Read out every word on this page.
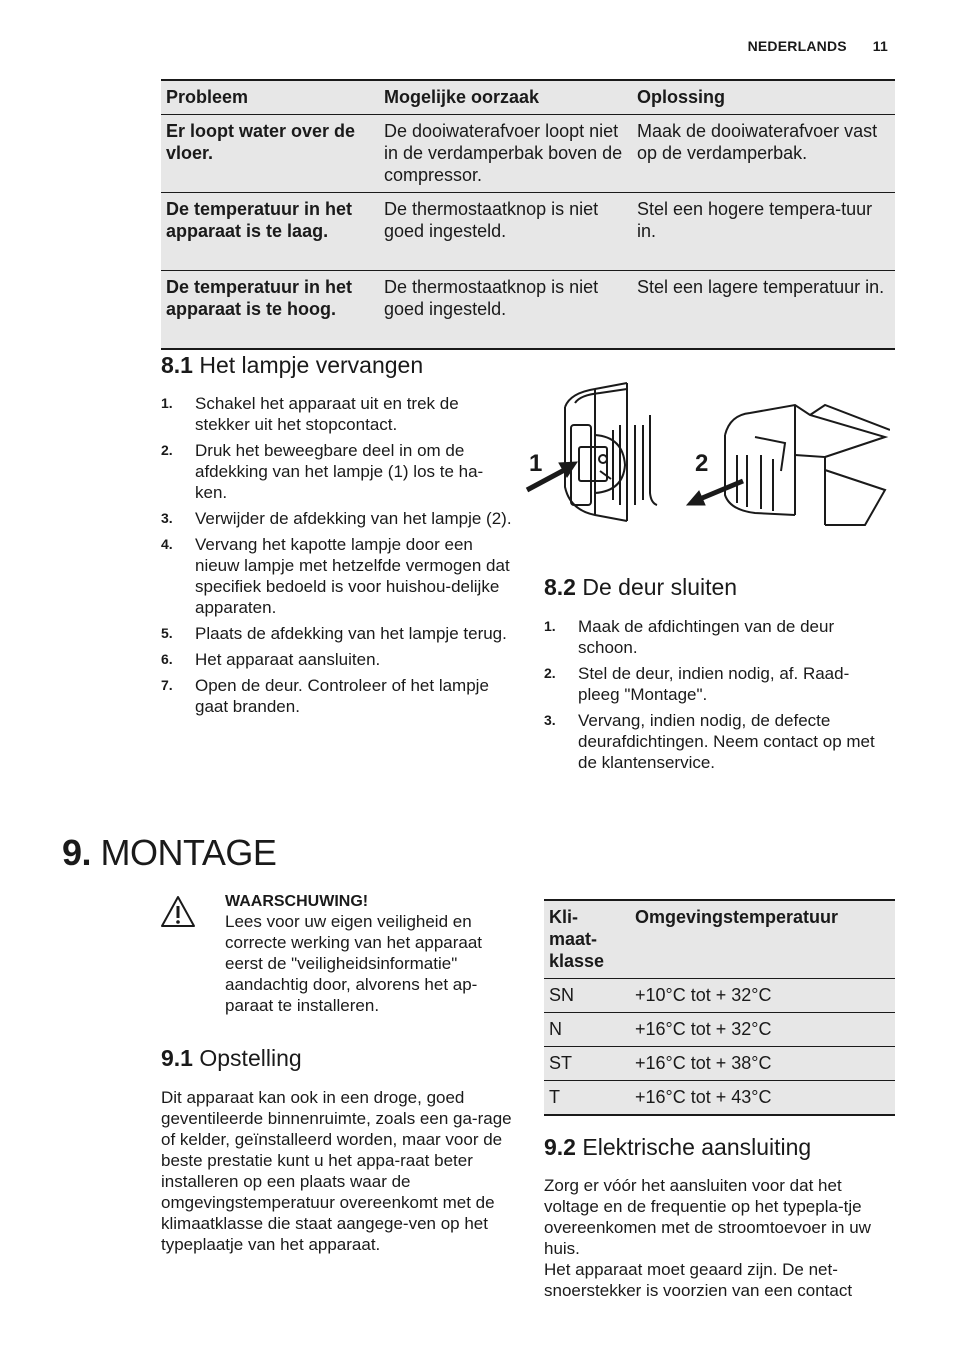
NEDERLANDS 11
Probleem	Mogelijke oorzaak	Oplossing
Er loopt water over de vloer.	De dooiwaterafvoer loopt niet in de verdamperbak boven de compressor.	Maak de dooiwaterafvoer vast op de verdamperbak.
De temperatuur in het apparaat is te laag.	De thermostaatknop is niet goed ingesteld.	Stel een hogere tempera-tuur in.
De temperatuur in het apparaat is te hoog.	De thermostaatknop is niet goed ingesteld.	Stel een lagere temperatuur in.
8.1 Het lampje vervangen
1. Schakel het apparaat uit en trek de stekker uit het stopcontact.
2. Druk het beweegbare deel in om de afdekking van het lampje (1) los te ha-ken.
3. Verwijder de afdekking van het lampje (2).
4. Vervang het kapotte lampje door een nieuw lampje met hetzelfde vermogen dat specifiek bedoeld is voor huishou-delijke apparaten.
5. Plaats de afdekking van het lampje terug.
6. Het apparaat aansluiten.
7. Open de deur. Controleer of het lampje gaat branden.
1	2
8.2 De deur sluiten
1. Maak de afdichtingen van de deur schoon.
2. Stel de deur, indien nodig, af. Raad-pleeg "Montage".
3. Vervang, indien nodig, de defecte deurafdichtingen. Neem contact op met de klantenservice.
9. MONTAGE
WAARSCHUWING!
Lees voor uw eigen veiligheid en correcte werking van het apparaat eerst de "veiligheidsinformatie" aandachtig door, alvorens het ap-paraat te installeren.
9.1 Opstelling
Dit apparaat kan ook in een droge, goed geventileerde binnenruimte, zoals een ga-rage of kelder, geïnstalleerd worden, maar voor de beste prestatie kunt u het appa-raat beter installeren op een plaats waar de omgevingstemperatuur overeenkomt met de klimaatklasse die staat aangege-ven op het typeplaatje van het apparaat.
Kli-maat-klasse	Omgevingstemperatuur
SN	+10°C tot + 32°C
N	+16°C tot + 32°C
ST	+16°C tot + 38°C
T	+16°C tot + 43°C
9.2 Elektrische aansluiting
Zorg er vóór het aansluiten voor dat het voltage en de frequentie op het typepla-tje overeenkomen met de stroomtoevoer in uw huis.
Het apparaat moet geaard zijn. De net-snoerstekker is voorzien van een contact
